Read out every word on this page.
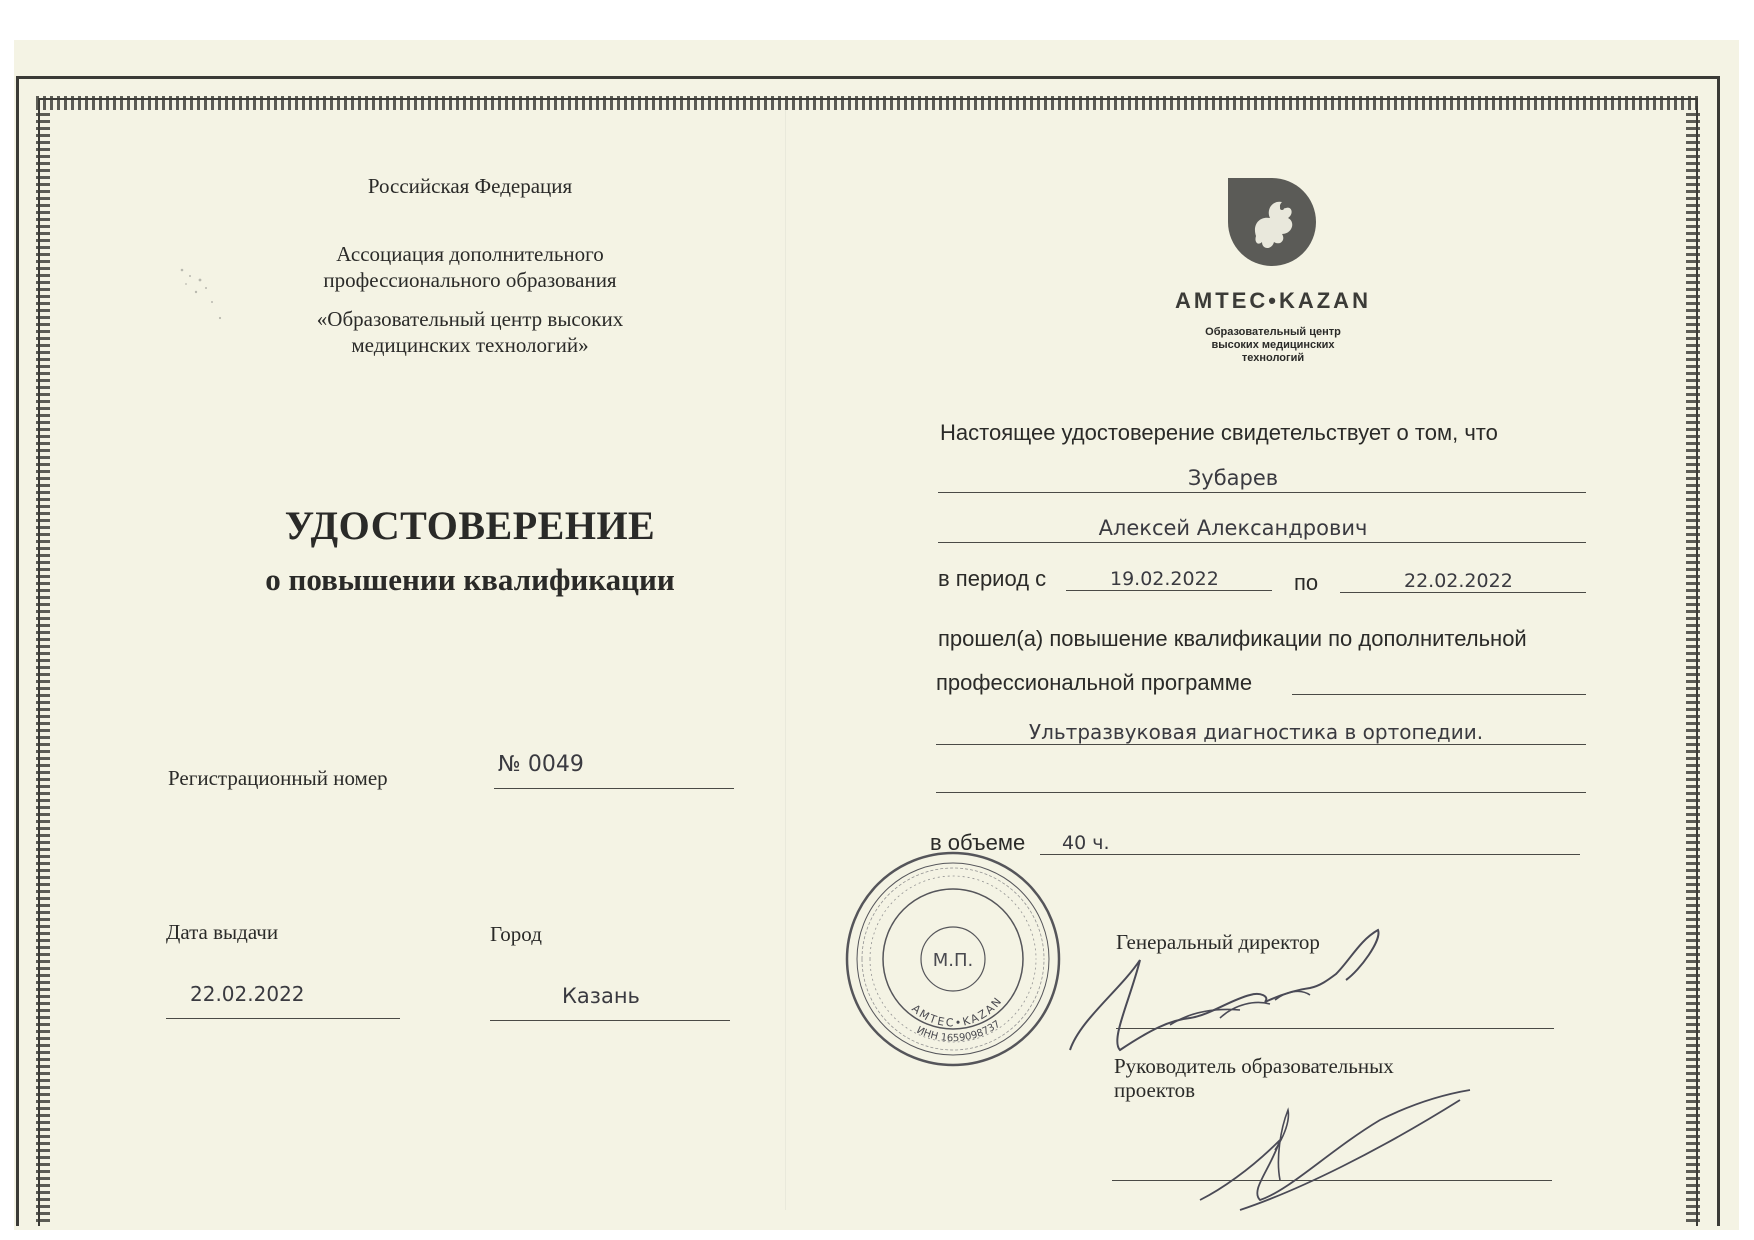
Российская Федерация
Ассоциация дополнительного
профессионального образования
«Образовательный центр высоких
медицинских технологий»
УДОСТОВЕРЕНИЕ
о повышении квалификации
Регистрационный номер
№ 0049
Дата выдачи	Город
22.02.2022	Казань
AMTEC•KAZAN
Образовательный центр
высоких медицинских
технологий
Настоящее удостоверение свидетельствует о том, что
Зубарев
Алексей Александрович
в период с	19.02.2022	по	22.02.2022
прошел(а) повышение квалификации по дополнительной
профессиональной программе
Ультразвуковая диагностика в ортопедии.
в объеме 40 ч.
Генеральный директор
Руководитель образовательных
проектов
М.П.
AMTEC•KAZAN
ИНН 1659098737
